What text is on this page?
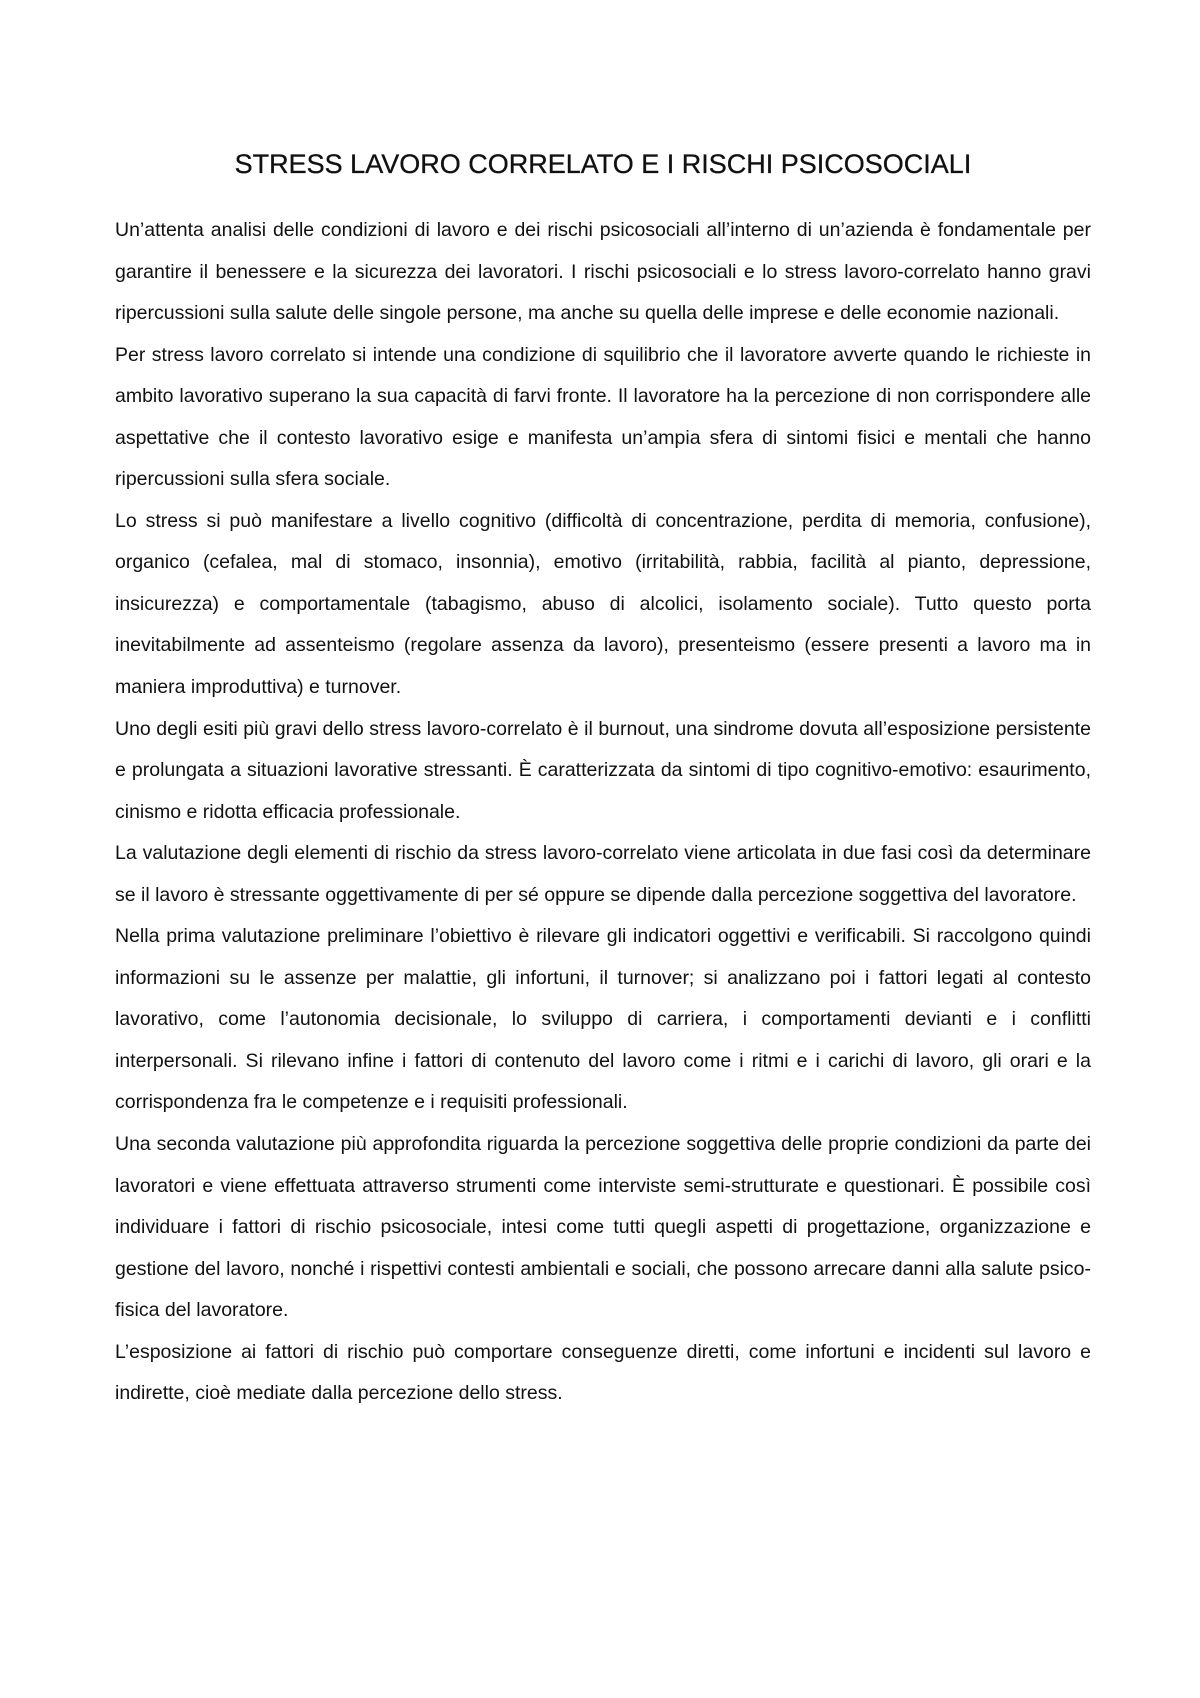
STRESS LAVORO CORRELATO E I RISCHI PSICOSOCIALI

Un’attenta analisi delle condizioni di lavoro e dei rischi psicosociali all’interno di un’azienda è fondamentale per garantire il benessere e la sicurezza dei lavoratori. I rischi psicosociali e lo stress lavoro-correlato hanno gravi ripercussioni sulla salute delle singole persone, ma anche su quella delle imprese e delle economie nazionali.

Per stress lavoro correlato si intende una condizione di squilibrio che il lavoratore avverte quando le richieste in ambito lavorativo superano la sua capacità di farvi fronte. Il lavoratore ha la percezione di non corrispondere alle aspettative che il contesto lavorativo esige e manifesta un’ampia sfera di sintomi fisici e mentali che hanno ripercussioni sulla sfera sociale.

Lo stress si può manifestare a livello cognitivo (difficoltà di concentrazione, perdita di memoria, confusione), organico (cefalea, mal di stomaco, insonnia), emotivo (irritabilità, rabbia, facilità al pianto, depressione, insicurezza) e comportamentale (tabagismo, abuso di alcolici, isolamento sociale). Tutto questo porta inevitabilmente ad assenteismo (regolare assenza da lavoro), presenteismo (essere presenti a lavoro ma in maniera improduttiva) e turnover.

Uno degli esiti più gravi dello stress lavoro-correlato è il burnout, una sindrome dovuta all’esposizione persistente e prolungata a situazioni lavorative stressanti. È caratterizzata da sintomi di tipo cognitivo-emotivo: esaurimento, cinismo e ridotta efficacia professionale.

La valutazione degli elementi di rischio da stress lavoro-correlato viene articolata in due fasi così da determinare se il lavoro è stressante oggettivamente di per sé oppure se dipende dalla percezione soggettiva del lavoratore.

Nella prima valutazione preliminare l’obiettivo è rilevare gli indicatori oggettivi e verificabili. Si raccolgono quindi informazioni su le assenze per malattie, gli infortuni, il turnover; si analizzano poi i fattori legati al contesto lavorativo, come l’autonomia decisionale, lo sviluppo di carriera, i comportamenti devianti e i conflitti interpersonali. Si rilevano infine i fattori di contenuto del lavoro come i ritmi e i carichi di lavoro, gli orari e la corrispondenza fra le competenze e i requisiti professionali.

Una seconda valutazione più approfondita riguarda la percezione soggettiva delle proprie condizioni da parte dei lavoratori e viene effettuata attraverso strumenti come interviste semi-strutturate e questionari. È possibile così individuare i fattori di rischio psicosociale, intesi come tutti quegli aspetti di progettazione, organizzazione e gestione del lavoro, nonché i rispettivi contesti ambientali e sociali, che possono arrecare danni alla salute psico-fisica del lavoratore.

L’esposizione ai fattori di rischio può comportare conseguenze diretti, come infortuni e incidenti sul lavoro e indirette, cioè mediate dalla percezione dello stress.
